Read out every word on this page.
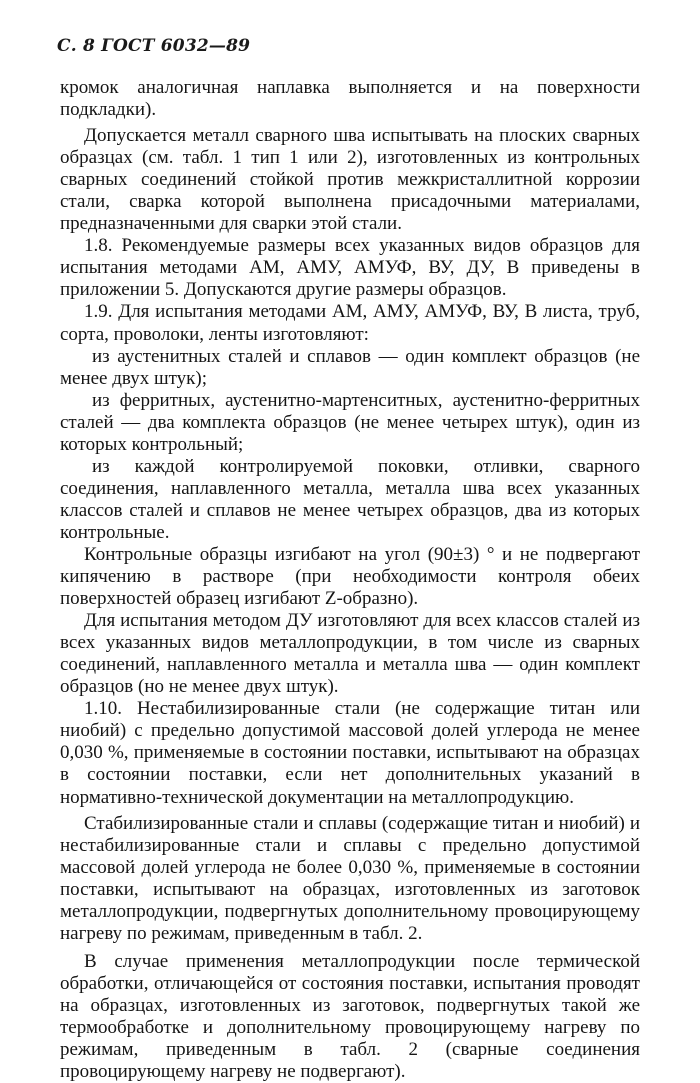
С. 8 ГОСТ 6032—89

кромок аналогичная наплавка выполняется и на поверхности подкладки).

Допускается металл сварного шва испытывать на плоских сварных образцах (см. табл. 1 тип 1 или 2), изготовленных из контрольных сварных соединений стойкой против межкристаллитной коррозии стали, сварка которой выполнена присадочными материалами, предназначенными для сварки этой стали.

1.8. Рекомендуемые размеры всех указанных видов образцов для испытания методами АМ, АМУ, АМУФ, ВУ, ДУ, В приведены в приложении 5. Допускаются другие размеры образцов.

1.9. Для испытания методами АМ, АМУ, АМУФ, ВУ, В листа, труб, сорта, проволоки, ленты изготовляют:

из аустенитных сталей и сплавов — один комплект образцов (не менее двух штук);

из ферритных, аустенитно-мартенситных, аустенитно-ферритных сталей — два комплекта образцов (не менее четырех штук), один из которых контрольный;

из каждой контролируемой поковки, отливки, сварного соединения, наплавленного металла, металла шва всех указанных классов сталей и сплавов не менее четырех образцов, два из которых контрольные.

Контрольные образцы изгибают на угол (90±3) ° и не подвергают кипячению в растворе (при необходимости контроля обеих поверхностей образец изгибают Z-образно).

Для испытания методом ДУ изготовляют для всех классов сталей из всех указанных видов металлопродукции, в том числе из сварных соединений, наплавленного металла и металла шва — один комплект образцов (но не менее двух штук).

1.10. Нестабилизированные стали (не содержащие титан или ниобий) с предельно допустимой массовой долей углерода не менее 0,030 %, применяемые в состоянии поставки, испытывают на образцах в состоянии поставки, если нет дополнительных указаний в нормативно-технической документации на металлопродукцию.

Стабилизированные стали и сплавы (содержащие титан и ниобий) и нестабилизированные стали и сплавы с предельно допустимой массовой долей углерода не более 0,030 %, применяемые в состоянии поставки, испытывают на образцах, изготовленных из заготовок металлопродукции, подвергнутых дополнительному провоцирующему нагреву по режимам, приведенным в табл. 2.

В случае применения металлопродукции после термической обработки, отличающейся от состояния поставки, испытания проводят на образцах, изготовленных из заготовок, подвергнутых такой же термообработке и дополнительному провоцирующему нагреву по режимам, приведенным в табл. 2 (сварные соединения провоцирующему нагреву не подвергают).
